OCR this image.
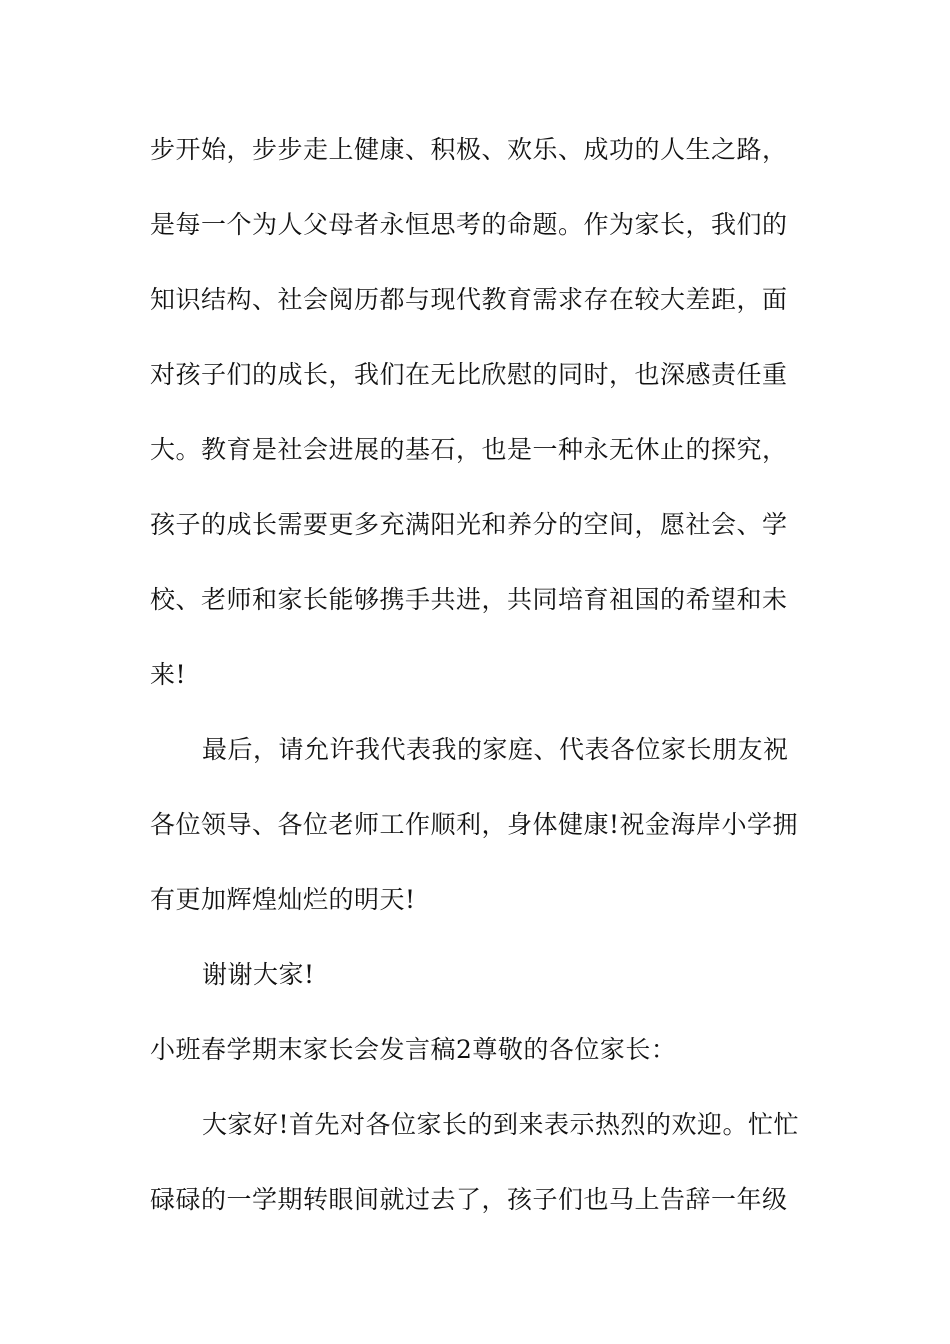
步开始，步步走上健康、积极、欢乐、成功的人生之路，
是每一个为人父母者永恒思考的命题。作为家长，我们的
知识结构、社会阅历都与现代教育需求存在较大差距，面
对孩子们的成长，我们在无比欣慰的同时，也深感责任重
大。教育是社会进展的基石，也是一种永无休止的探究，
孩子的成长需要更多充满阳光和养分的空间，愿社会、学
校、老师和家长能够携手共进，共同培育祖国的希望和未
来!
最后，请允许我代表我的家庭、代表各位家长朋友祝
各位领导、各位老师工作顺利，身体健康!祝金海岸小学拥
有更加辉煌灿烂的明天!
谢谢大家!
小班春学期末家长会发言稿2尊敬的各位家长：
大家好!首先对各位家长的到来表示热烈的欢迎。忙忙
碌碌的一学期转眼间就过去了，孩子们也马上告辞一年级
